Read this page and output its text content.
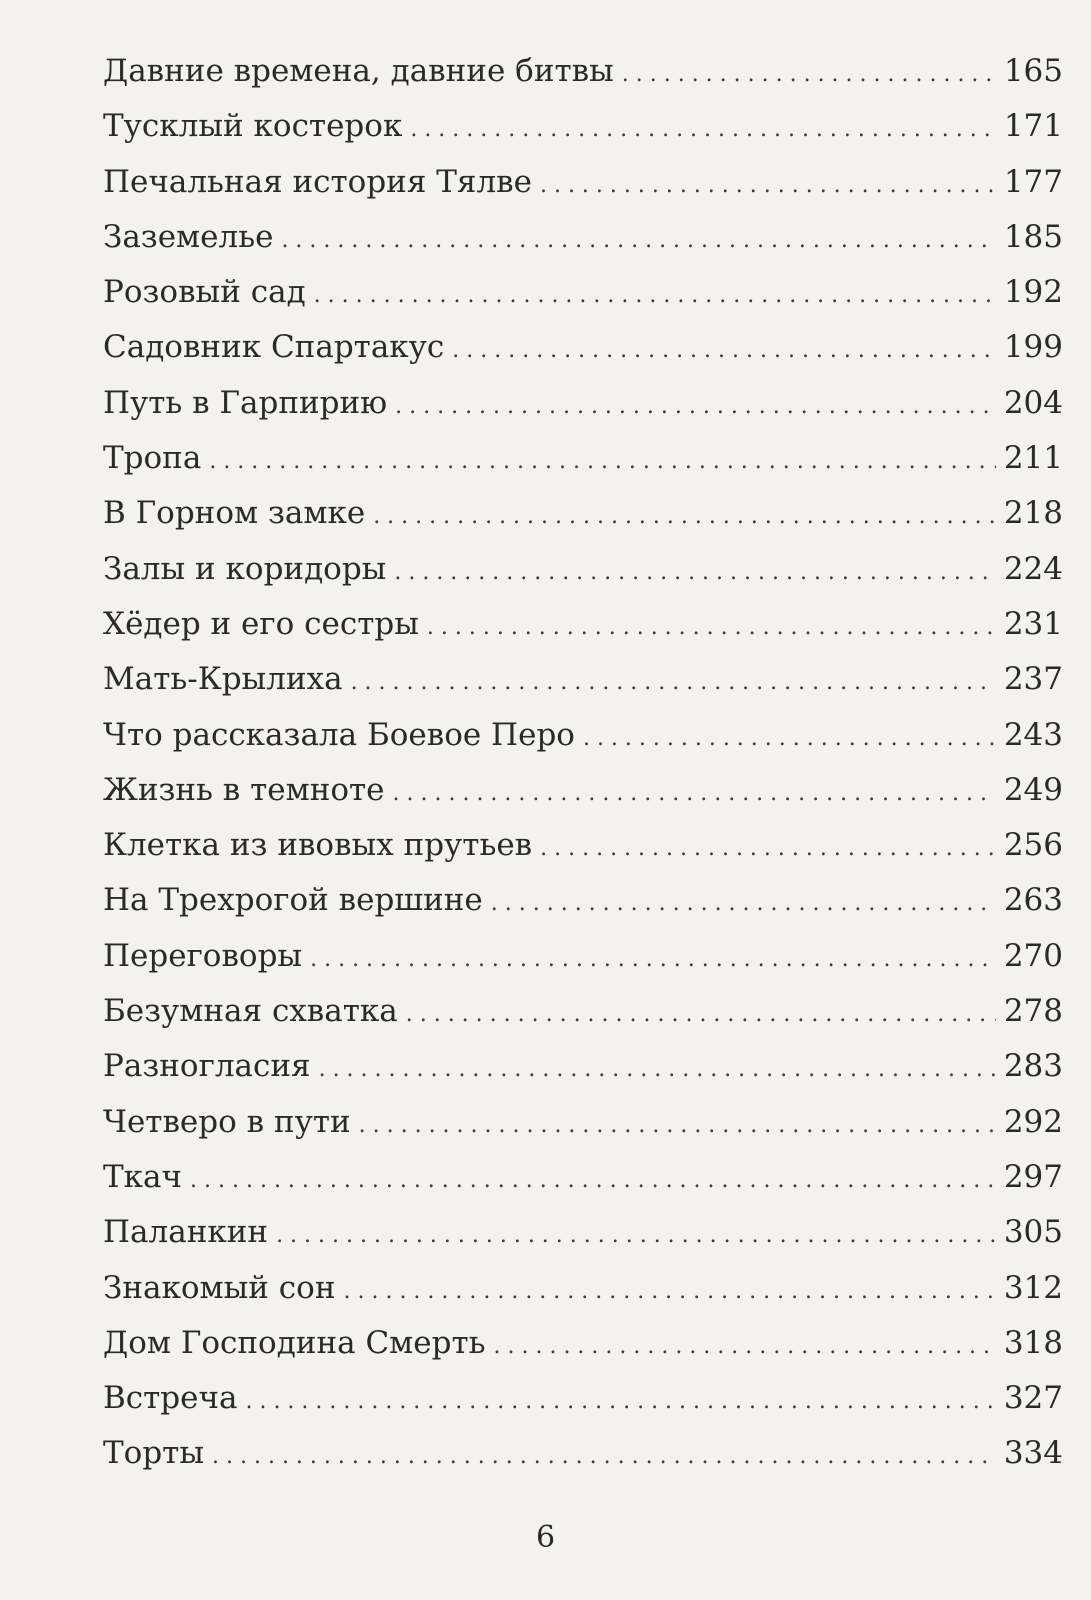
Давние времена, давние битвы . . .	165
Тусклый костерок . . .	171
Печальная история Тялве . . .	177
Заземелье . . .	185
Розовый сад . . .	192
Садовник Спартакус . . .	199
Путь в Гарпирию . . .	204
Тропа . . .	211
В Горном замке . . .	218
Залы и коридоры . . .	224
Хёдер и его сестры . . .	231
Мать-Крылиха . . .	237
Что рассказала Боевое Перо . . .	243
Жизнь в темноте . . .	249
Клетка из ивовых прутьев . . .	256
На Трехрогой вершине . . .	263
Переговоры . . .	270
Безумная схватка . . .	278
Разногласия . . .	283
Четверо в пути . . .	292
Ткач . . .	297
Паланкин . . .	305
Знакомый сон . . .	312
Дом Господина Смерть . . .	318
Встреча . . .	327
Торты . . .	334
6
